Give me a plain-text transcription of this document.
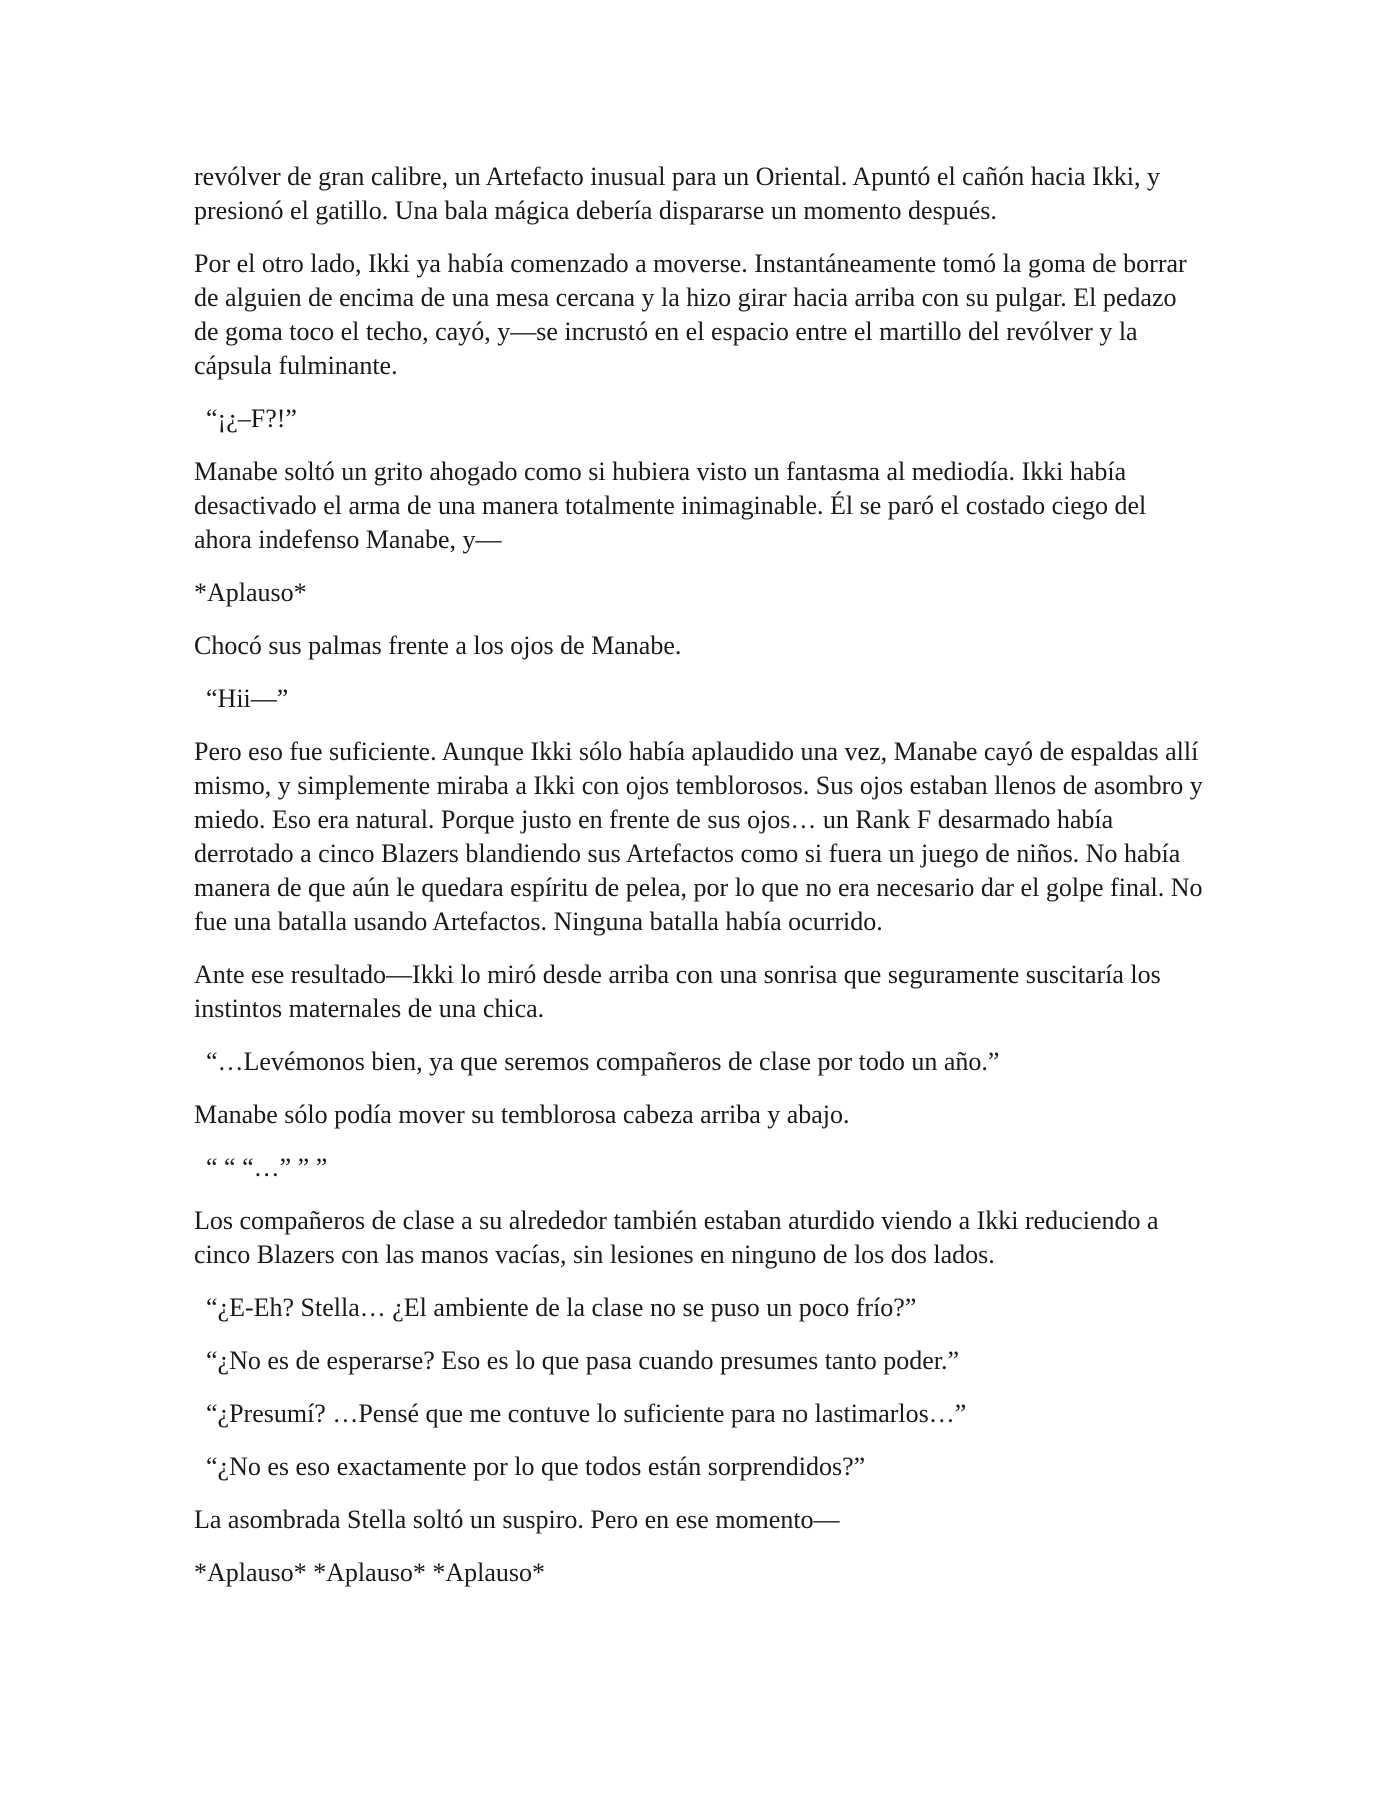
revólver de gran calibre, un Artefacto inusual para un Oriental. Apuntó el cañón hacia Ikki, y presionó el gatillo. Una bala mágica debería dispararse un momento después.

Por el otro lado, Ikki ya había comenzado a moverse. Instantáneamente tomó la goma de borrar de alguien de encima de una mesa cercana y la hizo girar hacia arriba con su pulgar. El pedazo de goma toco el techo, cayó, y—se incrustó en el espacio entre el martillo del revólver y la cápsula fulminante.

“¡¿–F?!”

Manabe soltó un grito ahogado como si hubiera visto un fantasma al mediodía. Ikki había desactivado el arma de una manera totalmente inimaginable. Él se paró el costado ciego del ahora indefenso Manabe, y—

*Aplauso*

Chocó sus palmas frente a los ojos de Manabe.

“Hii—”

Pero eso fue suficiente. Aunque Ikki sólo había aplaudido una vez, Manabe cayó de espaldas allí mismo, y simplemente miraba a Ikki con ojos temblorosos. Sus ojos estaban llenos de asombro y miedo. Eso era natural. Porque justo en frente de sus ojos… un Rank F desarmado había derrotado a cinco Blazers blandiendo sus Artefactos como si fuera un juego de niños. No había manera de que aún le quedara espíritu de pelea, por lo que no era necesario dar el golpe final. No fue una batalla usando Artefactos. Ninguna batalla había ocurrido.

Ante ese resultado—Ikki lo miró desde arriba con una sonrisa que seguramente suscitaría los instintos maternales de una chica.

“…Levémonos bien, ya que seremos compañeros de clase por todo un año.”

Manabe sólo podía mover su temblorosa cabeza arriba y abajo.

“ “ “…” ” ”

Los compañeros de clase a su alrededor también estaban aturdido viendo a Ikki reduciendo a cinco Blazers con las manos vacías, sin lesiones en ninguno de los dos lados.

“¿E-Eh? Stella… ¿El ambiente de la clase no se puso un poco frío?”

“¿No es de esperarse? Eso es lo que pasa cuando presumes tanto poder.”

“¿Presumí? …Pensé que me contuve lo suficiente para no lastimarlos…”

“¿No es eso exactamente por lo que todos están sorprendidos?”

La asombrada Stella soltó un suspiro. Pero en ese momento—

*Aplauso* *Aplauso* *Aplauso*
